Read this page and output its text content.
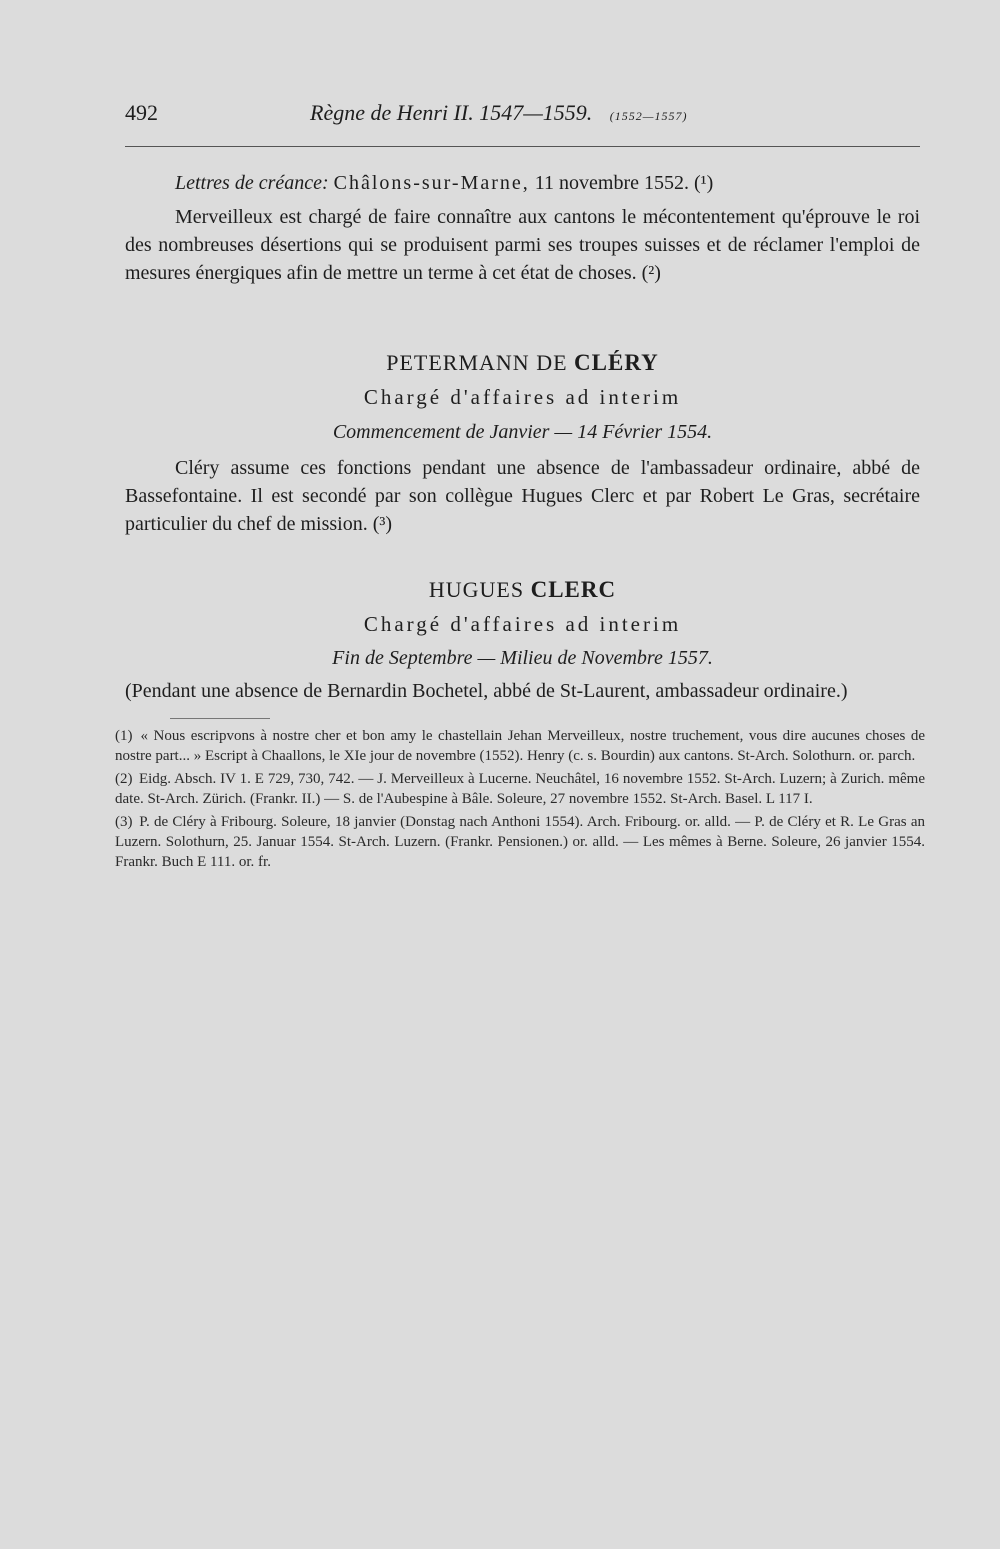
492	Règne de Henri II. 1547—1559. (1552—1557)
Lettres de créance: Châlons-sur-Marne, 11 novembre 1552. (¹)

Merveilleux est chargé de faire connaître aux cantons le mécontentement qu'éprouve le roi des nombreuses désertions qui se produisent parmi ses troupes suisses et de réclamer l'emploi de mesures énergiques afin de mettre un terme à cet état de choses. (²)

PETERMANN DE CLÉRY
Chargé d'affaires ad interim
Commencement de Janvier — 14 Février 1554.

Cléry assume ces fonctions pendant une absence de l'ambassadeur ordinaire, abbé de Bassefontaine. Il est secondé par son collègue Hugues Clerc et par Robert Le Gras, secrétaire particulier du chef de mission. (³)

HUGUES CLERC
Chargé d'affaires ad interim
Fin de Septembre — Milieu de Novembre 1557.

(Pendant une absence de Bernardin Bochetel, abbé de St-Laurent, ambassadeur ordinaire.)

(1) « Nous escripvons à nostre cher et bon amy le chastellain Jehan Merveilleux, nostre truchement, vous dire aucunes choses de nostre part... » Escript à Chaallons, le XIe jour de novembre (1552). Henry (c. s. Bourdin) aux cantons. St-Arch. Solothurn. or. parch.

(2) Eidg. Absch. IV 1. E 729, 730, 742. — J. Merveilleux à Lucerne. Neuchâtel, 16 novembre 1552. St-Arch. Luzern; à Zurich. même date. St-Arch. Zürich. (Frankr. II.) — S. de l'Aubespine à Bâle. Soleure, 27 novembre 1552. St-Arch. Basel. L 117 I.

(3) P. de Cléry à Fribourg. Soleure, 18 janvier (Donstag nach Anthoni 1554). Arch. Fribourg. or. alld. — P. de Cléry et R. Le Gras an Luzern. Solothurn, 25. Januar 1554. St-Arch. Luzern. (Frankr. Pensionen.) or. alld. — Les mêmes à Berne. Soleure, 26 janvier 1554. Frankr. Buch E 111. or. fr.
